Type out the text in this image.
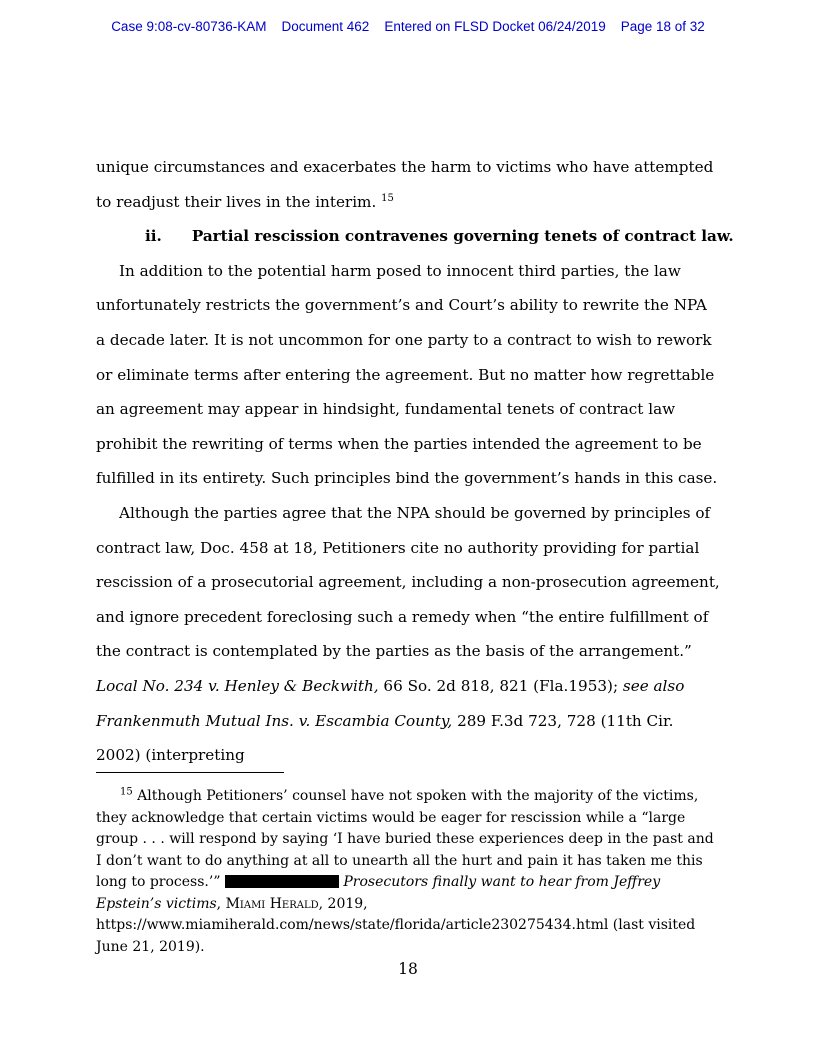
Case 9:08-cv-80736-KAM Document 462 Entered on FLSD Docket 06/24/2019 Page 18 of 32

unique circumstances and exacerbates the harm to victims who have attempted to readjust their lives in the interim. $^{15}$

ii. Partial rescission contravenes governing tenets of contract law.

In addition to the potential harm posed to innocent third parties, the law unfortunately restricts the government’s and Court’s ability to rewrite the NPA a decade later. It is not uncommon for one party to a contract to wish to rework or eliminate terms after entering the agreement. But no matter how regrettable an agreement may appear in hindsight, fundamental tenets of contract law prohibit the rewriting of terms when the parties intended the agreement to be fulfilled in its entirety. Such principles bind the government’s hands in this case.

Although the parties agree that the NPA should be governed by principles of contract law, Doc. 458 at 18, Petitioners cite no authority providing for partial rescission of a prosecutorial agreement, including a non-prosecution agreement, and ignore precedent foreclosing such a remedy when “the entire fulfillment of the contract is contemplated by the parties as the basis of the arrangement.” Local No. 234 v. Henley & Beckwith, 66 So. 2d 818, 821 (Fla.1953); see also Frankenmuth Mutual Ins. v. Escambia County, 289 F.3d 723, 728 (11th Cir. 2002) (interpreting

$^{15}$ Although Petitioners’ counsel have not spoken with the majority of the victims, they acknowledge that certain victims would be eager for rescission while a “large group . . . will respond by saying ‘I have buried these experiences deep in the past and I don’t want to do anything at all to unearth all the hurt and pain it has taken me this long to process.’”	Prosecutors finally want to hear from Jeffrey Epstein’s victims, Miami Herald, 2019, https://www.miamiherald.com/news/state/florida/article230275434.html (last visited June 21, 2019).

18
